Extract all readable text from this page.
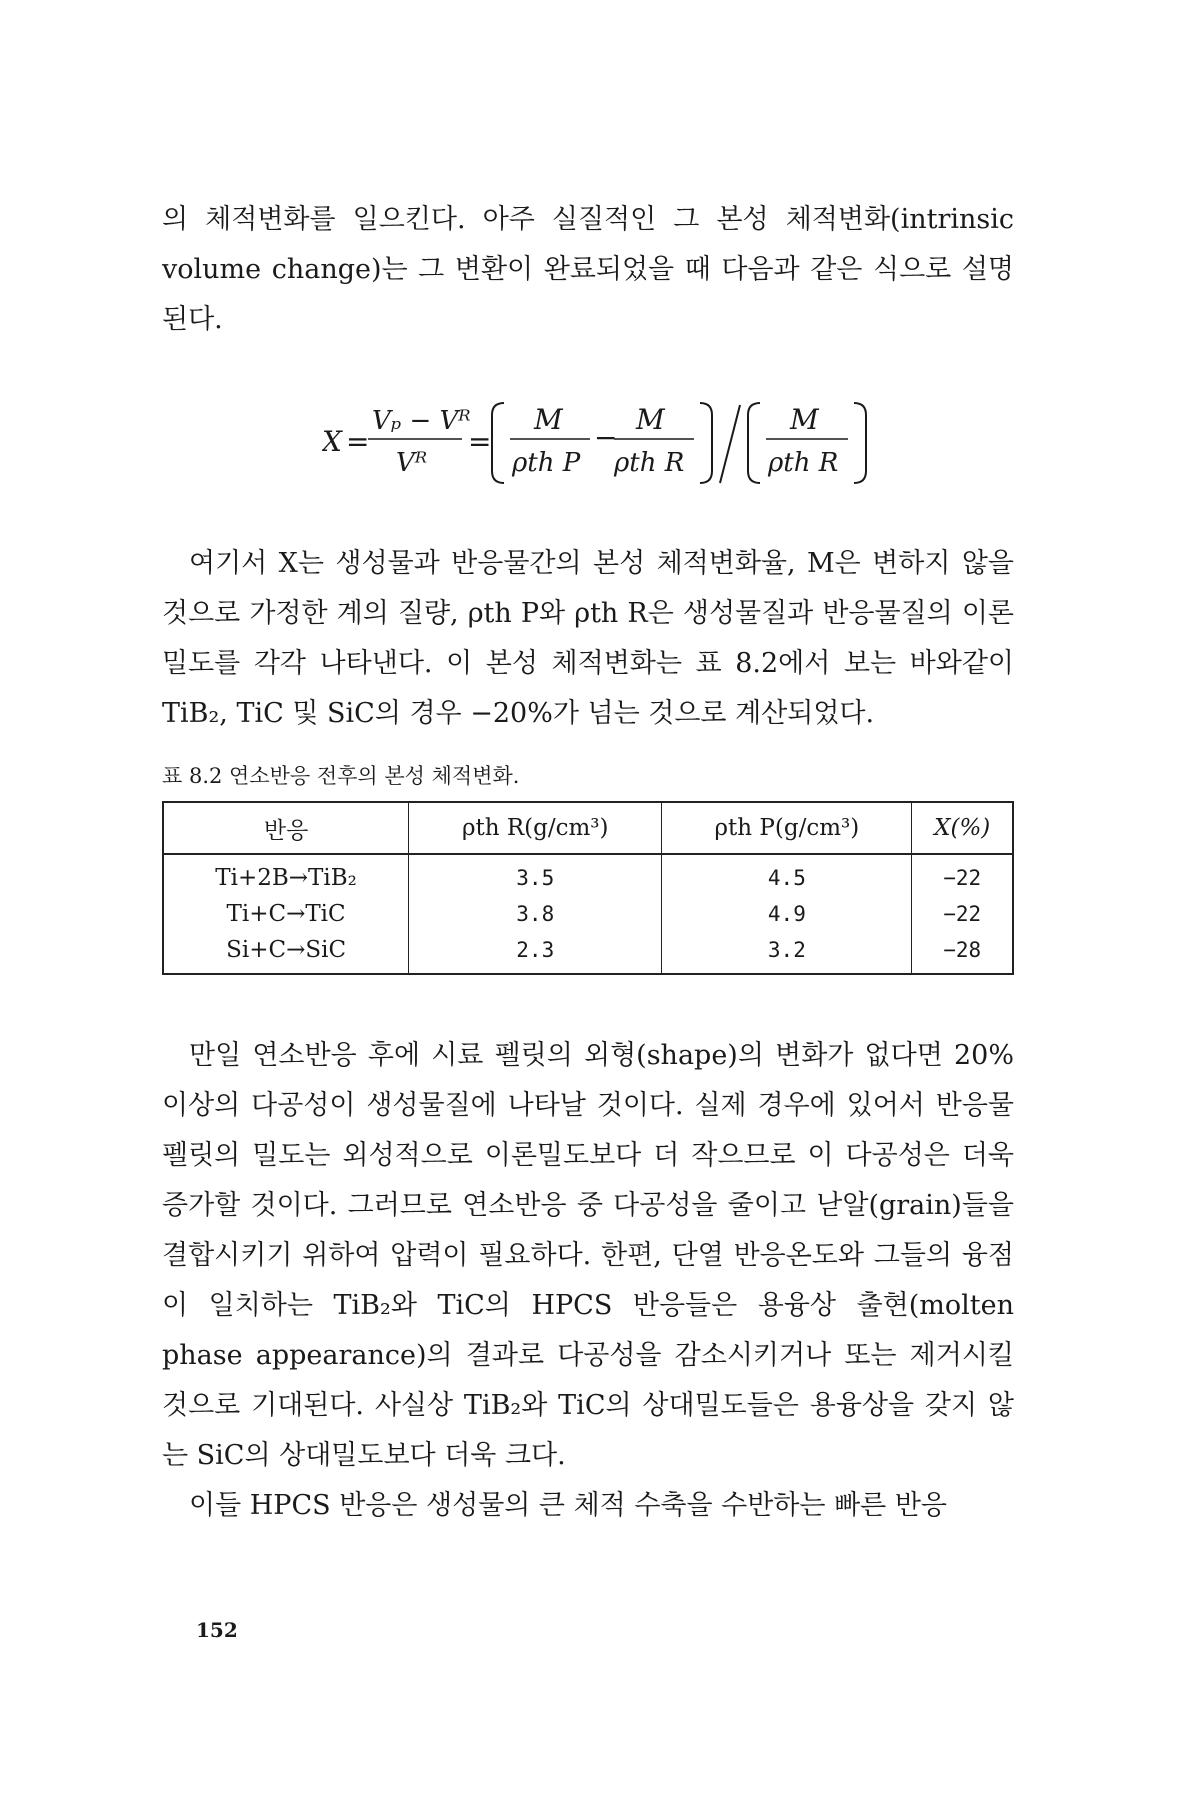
의 체적변화를 일으킨다. 아주 실질적인 그 본성 체적변화(intrinsic volume change)는 그 변환이 완료되었을 때 다음과 같은 식으로 설명된다.

X =
Vₚ − Vᴿ
Vᴿ
=
M
ρth P
−
M
ρth R
M
ρth R

여기서 X는 생성물과 반응물간의 본성 체적변화율, M은 변하지 않을 것으로 가정한 계의 질량, ρth P와 ρth R은 생성물질과 반응물질의 이론밀도를 각각 나타낸다. 이 본성 체적변화는 표 8.2에서 보는 바와같이 TiB₂, TiC 및 SiC의 경우 −20%가 넘는 것으로 계산되었다.

표 8.2 연소반응 전후의 본성 체적변화.
반응	ρth R(g/cm³)	ρth P(g/cm³)	X(%)
Ti+2B→TiB₂	3.5	4.5	−22
Ti+C→TiC	3.8	4.9	−22
Si+C→SiC	2.3	3.2	−28

만일 연소반응 후에 시료 펠릿의 외형(shape)의 변화가 없다면 20% 이상의 다공성이 생성물질에 나타날 것이다. 실제 경우에 있어서 반응물 펠릿의 밀도는 외성적으로 이론밀도보다 더 작으므로 이 다공성은 더욱 증가할 것이다. 그러므로 연소반응 중 다공성을 줄이고 낟알(grain)들을 결합시키기 위하여 압력이 필요하다. 한편, 단열 반응온도와 그들의 융점이 일치하는 TiB₂와 TiC의 HPCS 반응들은 용융상 출현(molten phase appearance)의 결과로 다공성을 감소시키거나 또는 제거시킬 것으로 기대된다. 사실상 TiB₂와 TiC의 상대밀도들은 용융상을 갖지 않는 SiC의 상대밀도보다 더욱 크다.

이들 HPCS 반응은 생성물의 큰 체적 수축을 수반하는 빠른 반응

152
